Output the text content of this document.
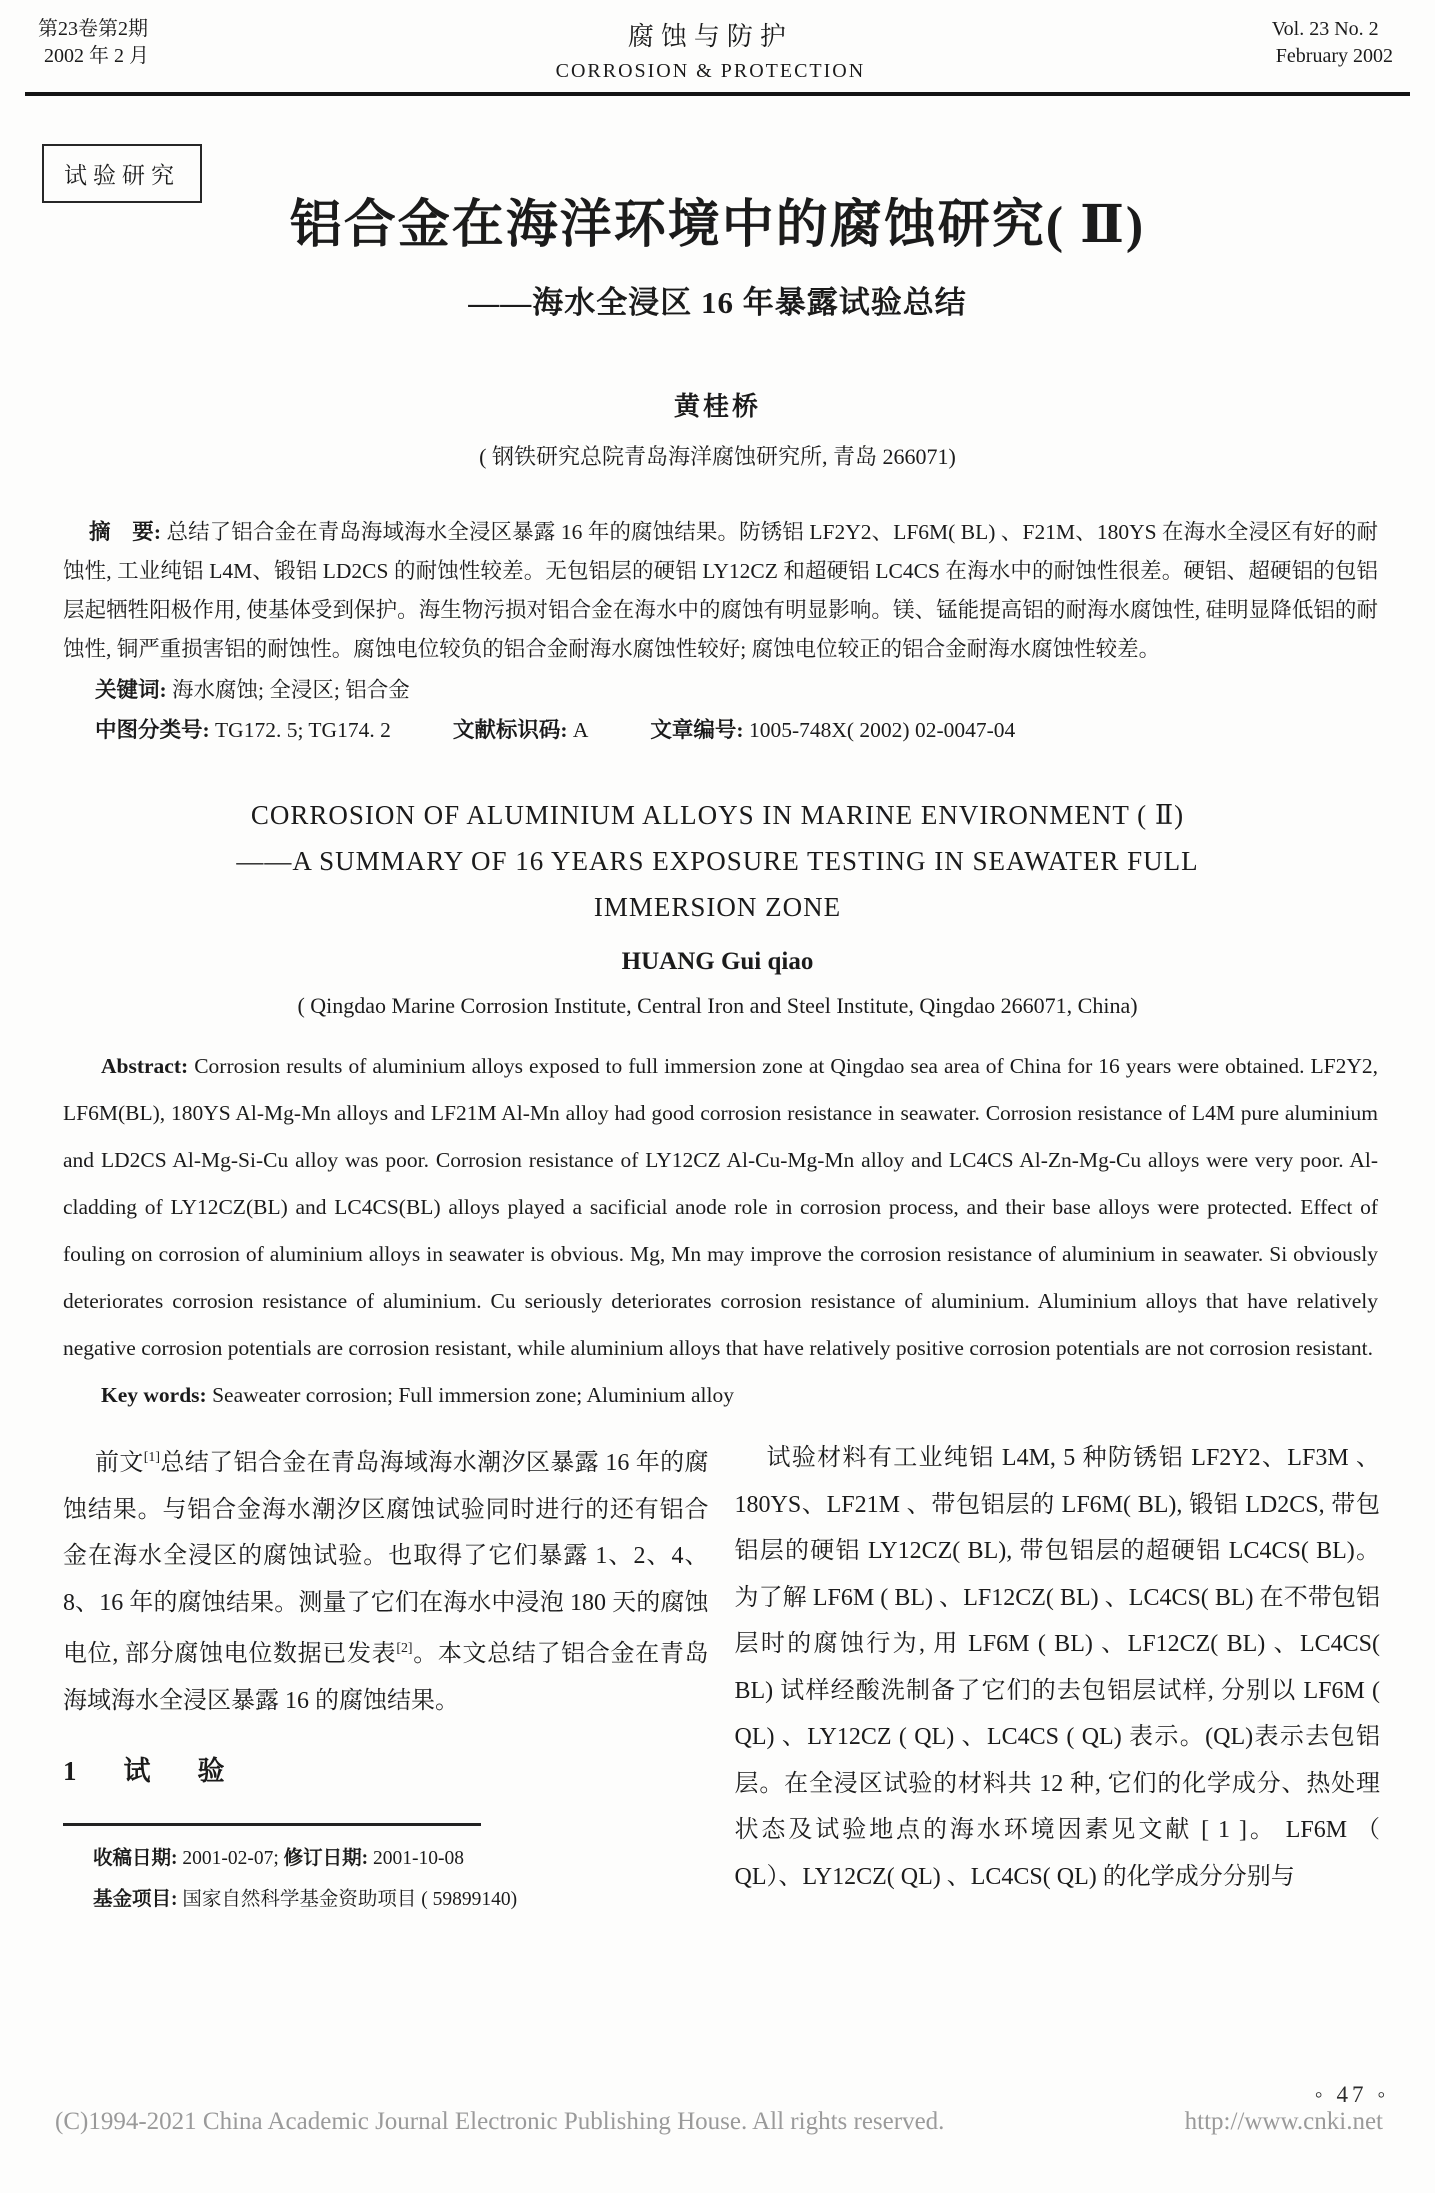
第23卷第2期
2002 年 2 月
腐蚀与防护
CORROSION & PROTECTION
Vol. 23 No. 2
February 2002
试验研究
铝合金在海洋环境中的腐蚀研究( Ⅱ)
——海水全浸区 16 年暴露试验总结
黄桂桥
( 钢铁研究总院青岛海洋腐蚀研究所, 青岛 266071)

摘　要: 总结了铝合金在青岛海域海水全浸区暴露 16 年的腐蚀结果。防锈铝 LF2Y2、LF6M( BL) 、F21M、180YS 在海水全浸区有好的耐蚀性, 工业纯铝 L4M、锻铝 LD2CS 的耐蚀性较差。无包铝层的硬铝 LY12CZ 和超硬铝 LC4CS 在海水中的耐蚀性很差。硬铝、超硬铝的包铝层起牺牲阳极作用, 使基体受到保护。海生物污损对铝合金在海水中的腐蚀有明显影响。镁、锰能提高铝的耐海水腐蚀性, 硅明显降低铝的耐蚀性, 铜严重损害铝的耐蚀性。腐蚀电位较负的铝合金耐海水腐蚀性较好; 腐蚀电位较正的铝合金耐海水腐蚀性较差。

关键词: 海水腐蚀; 全浸区; 铝合金
中图分类号: TG172. 5; TG174. 2	文献标识码: A	文章编号: 1005-748X( 2002) 02-0047-04
CORROSION OF ALUMINIUM ALLOYS IN MARINE ENVIRONMENT ( Ⅱ)
——A SUMMARY OF 16 YEARS EXPOSURE TESTING IN SEAWATER FULL
IMMERSION ZONE
HUANG Gui qiao
( Qingdao Marine Corrosion Institute, Central Iron and Steel Institute, Qingdao 266071, China)

Abstract: Corrosion results of aluminium alloys exposed to full immersion zone at Qingdao sea area of China for 16 years were obtained. LF2Y2, LF6M(BL), 180YS Al-Mg-Mn alloys and LF21M Al-Mn alloy had good corrosion resistance in seawater. Corrosion resistance of L4M pure aluminium and LD2CS Al-Mg-Si-Cu alloy was poor. Corrosion resistance of LY12CZ Al-Cu-Mg-Mn alloy and LC4CS Al-Zn-Mg-Cu alloys were very poor. Al-cladding of LY12CZ(BL) and LC4CS(BL) alloys played a sacificial anode role in corrosion process, and their base alloys were protected. Effect of fouling on corrosion of aluminium alloys in seawater is obvious. Mg, Mn may improve the corrosion resistance of aluminium in seawater. Si obviously deteriorates corrosion resistance of aluminium. Cu seriously deteriorates corrosion resistance of aluminium. Aluminium alloys that have relatively negative corrosion potentials are corrosion resistant, while aluminium alloys that have relatively positive corrosion potentials are not corrosion resistant.

Key words: Seaweater corrosion; Full immersion zone; Aluminium alloy

前文[1]总结了铝合金在青岛海域海水潮汐区暴露 16 年的腐蚀结果。与铝合金海水潮汐区腐蚀试验同时进行的还有铝合金在海水全浸区的腐蚀试验。也取得了它们暴露 1、2、4、8、16 年的腐蚀结果。测量了它们在海水中浸泡 180 天的腐蚀电位, 部分腐蚀电位数据已发表[2]。本文总结了铝合金在青岛海域海水全浸区暴露 16 的腐蚀结果。

1　试　验
收稿日期: 2001-02-07; 修订日期: 2001-10-08
基金项目: 国家自然科学基金资助项目 ( 59899140)

试验材料有工业纯铝 L4M, 5 种防锈铝 LF2Y2、LF3M 、180YS、LF21M 、带包铝层的 LF6M( BL), 锻铝 LD2CS, 带包铝层的硬铝 LY12CZ( BL), 带包铝层的超硬铝 LC4CS( BL)。为了解 LF6M ( BL) 、LF12CZ( BL) 、LC4CS( BL) 在不带包铝层时的腐蚀行为, 用 LF6M ( BL) 、LF12CZ( BL) 、LC4CS( BL) 试样经酸洗制备了它们的去包铝层试样, 分别以 LF6M ( QL) 、LY12CZ ( QL) 、LC4CS ( QL) 表示。(QL)表示去包铝层。在全浸区试验的材料共 12 种, 它们的化学成分、热处理状态及试验地点的海水环境因素见文献 [ 1 ]。 LF6M （ QL）、LY12CZ( QL) 、LC4CS( QL) 的化学成分分别与

◦ 47 ◦
(C)1994-2021 China Academic Journal Electronic Publishing House. All rights reserved.	http://www.cnki.net
